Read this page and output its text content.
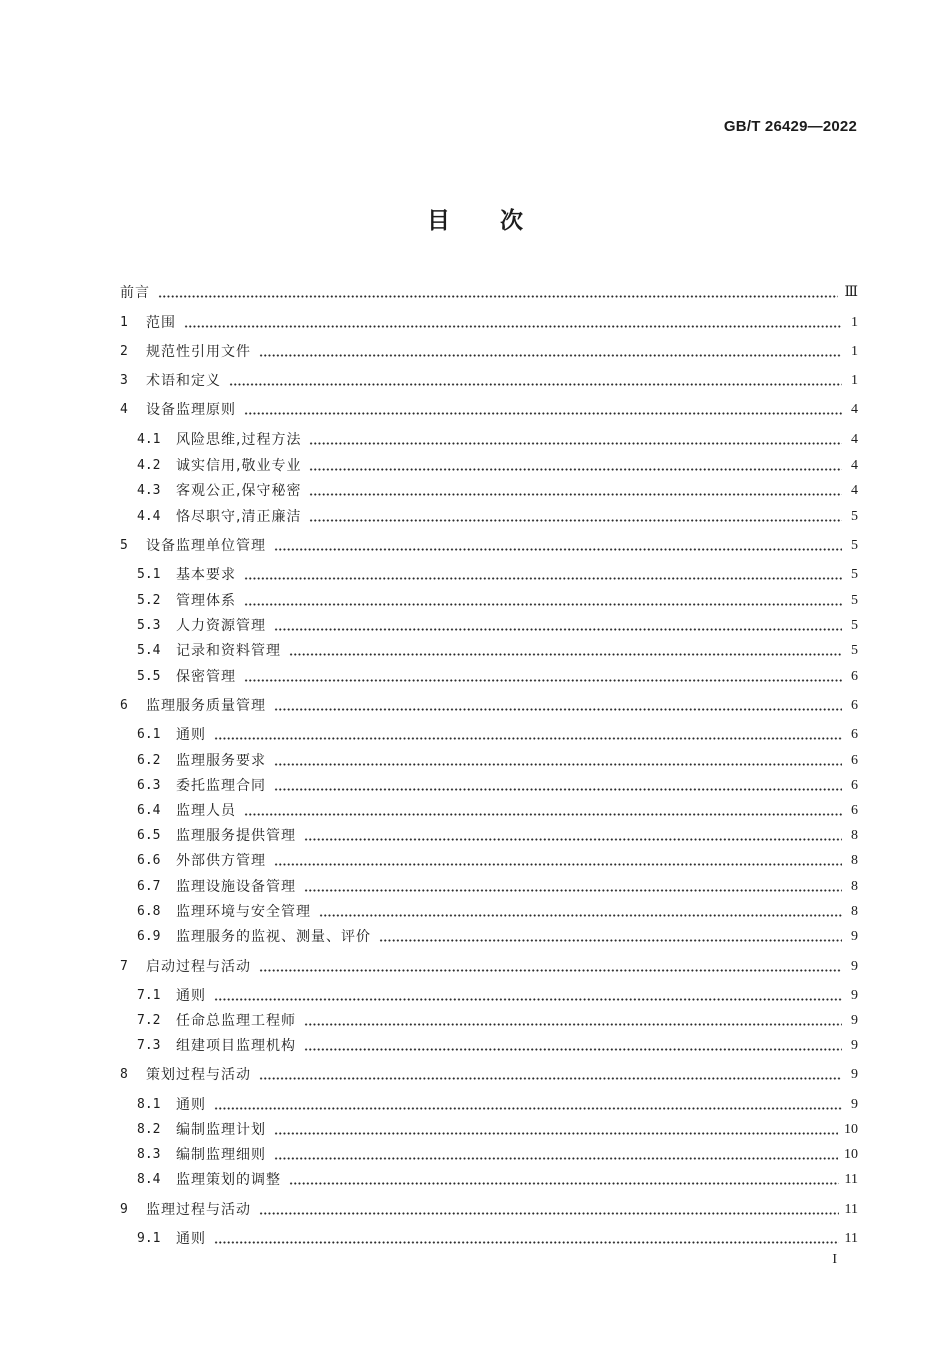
GB/T 26429—2022
目次
前言	Ⅲ
1	范围	1
2	规范性引用文件	1
3	术语和定义	1
4	设备监理原则	4
4.1	风险思维,过程方法	4
4.2	诚实信用,敬业专业	4
4.3	客观公正,保守秘密	4
4.4	恪尽职守,清正廉洁	5
5	设备监理单位管理	5
5.1	基本要求	5
5.2	管理体系	5
5.3	人力资源管理	5
5.4	记录和资料管理	5
5.5	保密管理	6
6	监理服务质量管理	6
6.1	通则	6
6.2	监理服务要求	6
6.3	委托监理合同	6
6.4	监理人员	6
6.5	监理服务提供管理	8
6.6	外部供方管理	8
6.7	监理设施设备管理	8
6.8	监理环境与安全管理	8
6.9	监理服务的监视、测量、评价	9
7	启动过程与活动	9
7.1	通则	9
7.2	任命总监理工程师	9
7.3	组建项目监理机构	9
8	策划过程与活动	9
8.1	通则	9
8.2	编制监理计划	10
8.3	编制监理细则	10
8.4	监理策划的调整	11
9	监理过程与活动	11
9.1	通则	11
I
